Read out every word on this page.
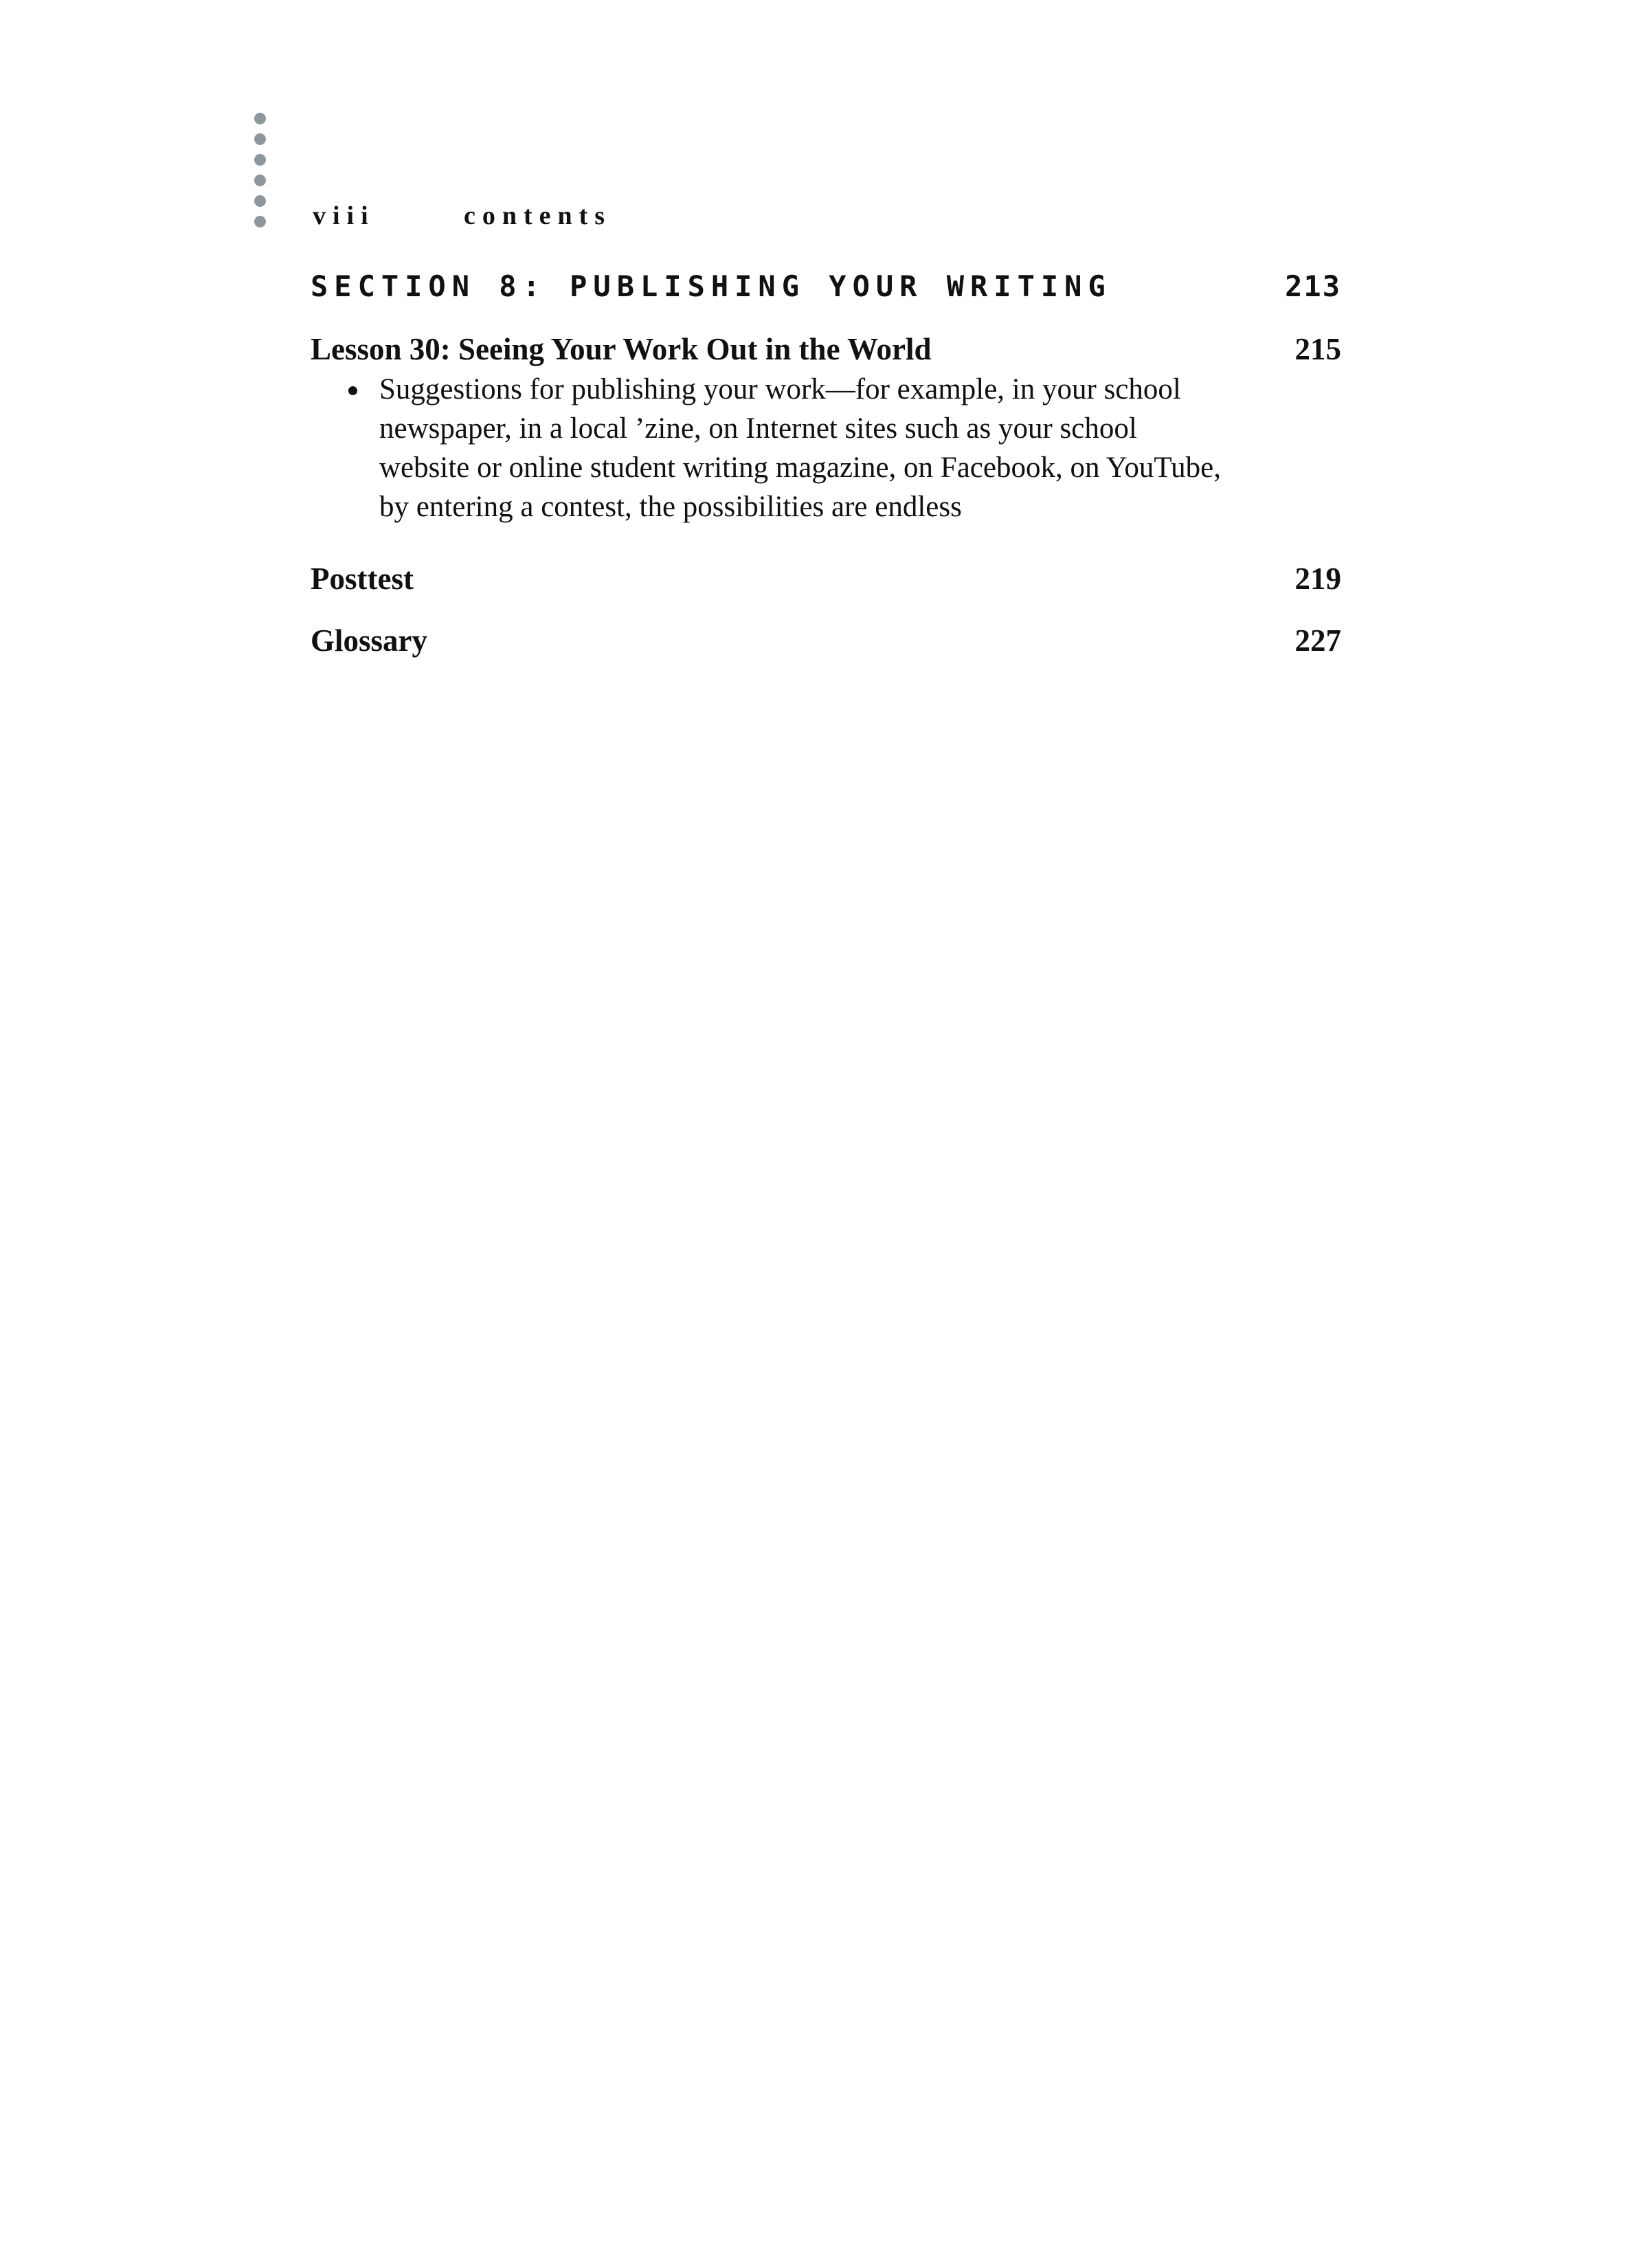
viii	contents
SECTION 8: PUBLISHING YOUR WRITING	213
Lesson 30: Seeing Your Work Out in the World	215
Suggestions for publishing your work—for example, in your school newspaper, in a local ’zine, on Internet sites such as your school website or online student writing magazine, on Facebook, on YouTube, by entering a contest, the possibilities are endless
Posttest	219
Glossary	227
